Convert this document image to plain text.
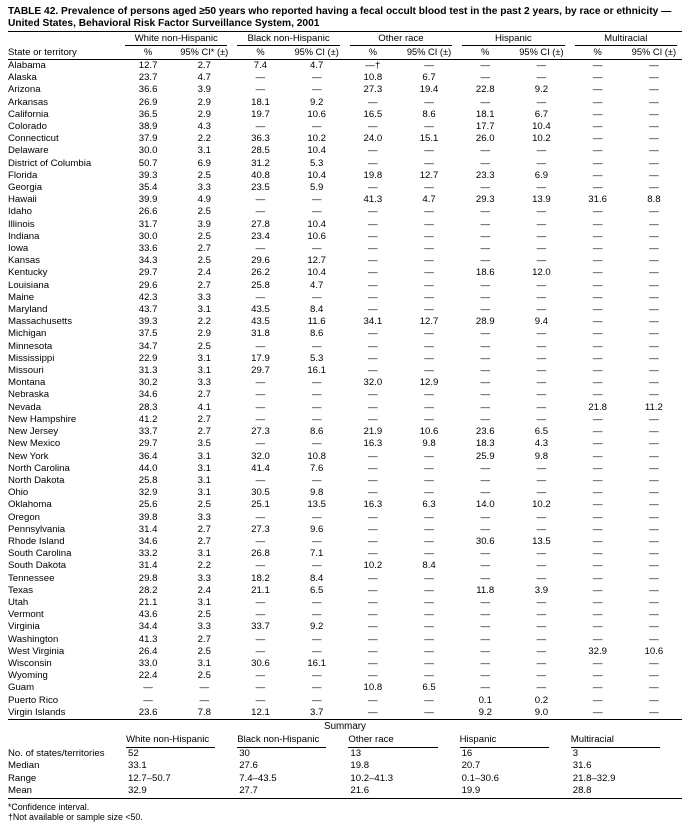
TABLE 42. Prevalence of persons aged ≥50 years who reported having a fecal occult blood test in the past 2 years, by race or ethnicity — United States, Behavioral Risk Factor Surveillance System, 2001

	White non-Hispanic		Black non-Hispanic		Other race		Hispanic		Multiracial	

State or territory	%	95% CI* (±)	%	95% CI (±)	%	95% CI (±)	%	95% CI (±)	%	95% CI (±)
Alabama	12.7	2.7	7.4	4.7	—†	—	—	—	—	—
Alaska	23.7	4.7	—	—	10.8	6.7	—	—	—	—
Arizona	36.6	3.9	—	—	27.3	19.4	22.8	9.2	—	—
Arkansas	26.9	2.9	18.1	9.2	—	—	—	—	—	—
California	36.5	2.9	19.7	10.6	16.5	8.6	18.1	6.7	—	—
Colorado	38.9	4.3	—	—	—	—	17.7	10.4	—	—
Connecticut	37.9	2.2	36.3	10.2	24.0	15.1	26.0	10.2	—	—
Delaware	30.0	3.1	28.5	10.4	—	—	—	—	—	—
District of Columbia	50.7	6.9	31.2	5.3	—	—	—	—	—	—
Florida	39.3	2.5	40.8	10.4	19.8	12.7	23.3	6.9	—	—
Georgia	35.4	3.3	23.5	5.9	—	—	—	—	—	—
Hawaii	39.9	4.9	—	—	41.3	4.7	29.3	13.9	31.6	8.8
Idaho	26.6	2.5	—	—	—	—	—	—	—	—
Illinois	31.7	3.9	27.8	10.4	—	—	—	—	—	—
Indiana	30.0	2.5	23.4	10.6	—	—	—	—	—	—
Iowa	33.6	2.7	—	—	—	—	—	—	—	—
Kansas	34.3	2.5	29.6	12.7	—	—	—	—	—	—
Kentucky	29.7	2.4	26.2	10.4	—	—	18.6	12.0	—	—
Louisiana	29.6	2.7	25.8	4.7	—	—	—	—	—	—
Maine	42.3	3.3	—	—	—	—	—	—	—	—
Maryland	43.7	3.1	43.5	8.4	—	—	—	—	—	—
Massachusetts	39.3	2.2	43.5	11.6	34.1	12.7	28.9	9.4	—	—
Michigan	37.5	2.9	31.8	8.6	—	—	—	—	—	—
Minnesota	34.7	2.5	—	—	—	—	—	—	—	—
Mississippi	22.9	3.1	17.9	5.3	—	—	—	—	—	—
Missouri	31.3	3.1	29.7	16.1	—	—	—	—	—	—
Montana	30.2	3.3	—	—	32.0	12.9	—	—	—	—
Nebraska	34.6	2.7	—	—	—	—	—	—	—	—
Nevada	28.3	4.1	—	—	—	—	—	—	21.8	11.2
New Hampshire	41.2	2.7	—	—	—	—	—	—	—	—
New Jersey	33.7	2.7	27.3	8.6	21.9	10.6	23.6	6.5	—	—
New Mexico	29.7	3.5	—	—	16.3	9.8	18.3	4.3	—	—
New York	36.4	3.1	32.0	10.8	—	—	25.9	9.8	—	—
North Carolina	44.0	3.1	41.4	7.6	—	—	—	—	—	—
North Dakota	25.8	3.1	—	—	—	—	—	—	—	—
Ohio	32.9	3.1	30.5	9.8	—	—	—	—	—	—
Oklahoma	25.6	2.5	25.1	13.5	16.3	6.3	14.0	10.2	—	—
Oregon	39.8	3.3	—	—	—	—	—	—	—	—
Pennsylvania	31.4	2.7	27.3	9.6	—	—	—	—	—	—
Rhode Island	34.6	2.7	—	—	—	—	30.6	13.5	—	—
South Carolina	33.2	3.1	26.8	7.1	—	—	—	—	—	—
South Dakota	31.4	2.2	—	—	10.2	8.4	—	—	—	—
Tennessee	29.8	3.3	18.2	8.4	—	—	—	—	—	—
Texas	28.2	2.4	21.1	6.5	—	—	11.8	3.9	—	—
Utah	21.1	3.1	—	—	—	—	—	—	—	—
Vermont	43.6	2.5	—	—	—	—	—	—	—	—
Virginia	34.4	3.3	33.7	9.2	—	—	—	—	—	—
Washington	41.3	2.7	—	—	—	—	—	—	—	—
West Virginia	26.4	2.5	—	—	—	—	—	—	32.9	10.6
Wisconsin	33.0	3.1	30.6	16.1	—	—	—	—	—	—
Wyoming	22.4	2.5	—	—	—	—	—	—	—	—
Guam	—	—	—	—	10.8	6.5	—	—	—	—
Puerto Rico	—	—	—	—	—	—	0.1	0.2	—	—
Virgin Islands	23.6	7.8	12.1	3.7	—	—	9.2	9.0	—	—
Summary

	White non-Hispanic	Black non-Hispanic	Other race	Hispanic	Multiracial

No. of states/territories	52	30	13	16	3
Median	33.1	27.6	19.8	20.7	31.6
Range	12.7–50.7	7.4–43.5	10.2–41.3	0.1–30.6	21.8–32.9
Mean	32.9	27.7	21.6	19.9	28.8
*Confidence interval.
†Not available or sample size <50.
